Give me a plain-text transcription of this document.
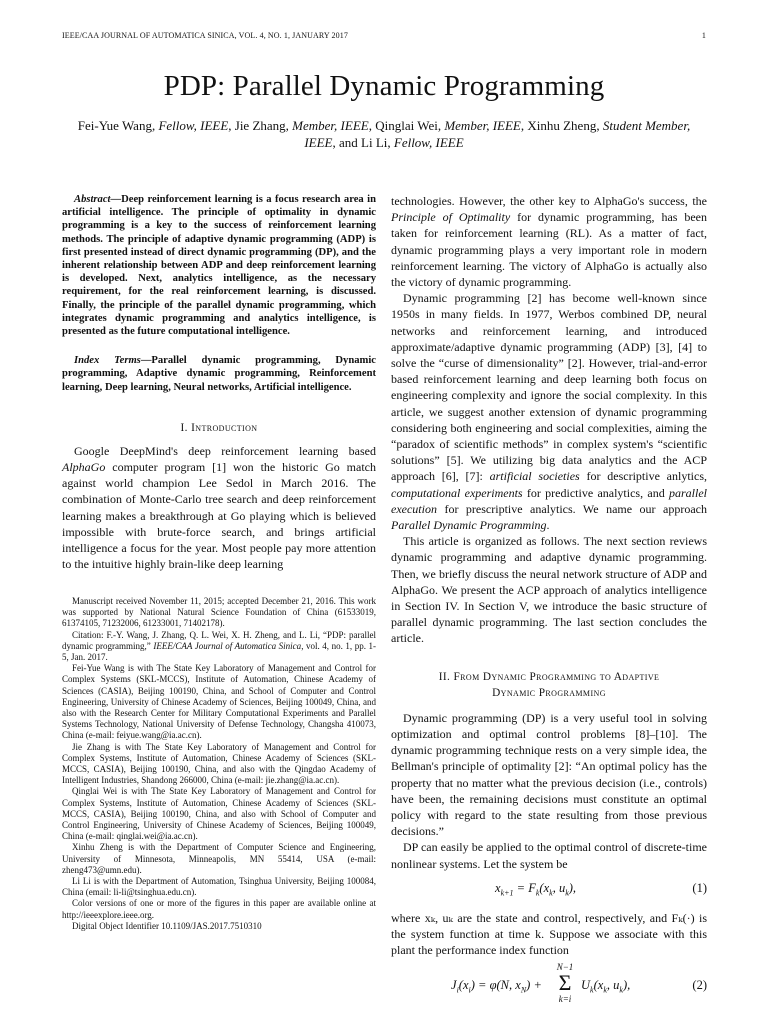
IEEE/CAA JOURNAL OF AUTOMATICA SINICA, VOL. 4, NO. 1, JANUARY 2017	1
PDP: Parallel Dynamic Programming
Fei-Yue Wang, Fellow, IEEE, Jie Zhang, Member, IEEE, Qinglai Wei, Member, IEEE, Xinhu Zheng, Student Member, IEEE, and Li Li, Fellow, IEEE

Abstract—Deep reinforcement learning is a focus research area in artificial intelligence. The principle of optimality in dynamic programming is a key to the success of reinforcement learning methods. The principle of adaptive dynamic programming (ADP) is first presented instead of direct dynamic programming (DP), and the inherent relationship between ADP and deep reinforcement learning is developed. Next, analytics intelligence, as the necessary requirement, for the real reinforcement learning, is discussed. Finally, the principle of the parallel dynamic programming, which integrates dynamic programming and analytics intelligence, is presented as the future computational intelligence.

Index Terms—Parallel dynamic programming, Dynamic programming, Adaptive dynamic programming, Reinforcement learning, Deep learning, Neural networks, Artificial intelligence.

I. Introduction

Google DeepMind's deep reinforcement learning based AlphaGo computer program [1] won the historic Go match against world champion Lee Sedol in March 2016. The combination of Monte-Carlo tree search and deep reinforcement learning makes a breakthrough at Go playing which is believed impossible with brute-force search, and brings artificial intelligence a focus for the year. Most people pay more attention to the intuitive highly brain-like deep learning

Manuscript received November 11, 2015; accepted December 21, 2016. This work was supported by National Natural Science Foundation of China (61533019, 61374105, 71232006, 61233001, 71402178).

Citation: F.-Y. Wang, J. Zhang, Q. L. Wei, X. H. Zheng, and L. Li, “PDP: parallel dynamic programming,” IEEE/CAA Journal of Automatica Sinica, vol. 4, no. 1, pp. 1-5, Jan. 2017.

Fei-Yue Wang is with The State Key Laboratory of Management and Control for Complex Systems (SKL-MCCS), Institute of Automation, Chinese Academy of Sciences (CASIA), Beijing 100190, China, and School of Computer and Control Engineering, University of Chinese Academy of Sciences, Beijing 100049, China, and also with the Research Center for Military Computational Experiments and Parallel Systems Technology, National University of Defense Technology, Changsha 410073, China (e-mail: feiyue.wang@ia.ac.cn).

Jie Zhang is with The State Key Laboratory of Management and Control for Complex Systems, Institute of Automation, Chinese Academy of Sciences (SKL-MCCS, CASIA), Beijing 100190, China, and also with the Qingdao Academy of Intelligent Industries, Shandong 266000, China (e-mail: jie.zhang@ia.ac.cn).

Qinglai Wei is with The State Key Laboratory of Management and Control for Complex Systems, Institute of Automation, Chinese Academy of Sciences (SKL-MCCS, CASIA), Beijing 100190, China, and also with School of Computer and Control Engineering, University of Chinese Academy of Sciences, Beijing 100049, China (e-mail: qinglai.wei@ia.ac.cn).

Xinhu Zheng is with the Department of Computer Science and Engineering, University of Minnesota, Minneapolis, MN 55414, USA (e-mail: zheng473@umn.edu).

Li Li is with the Department of Automation, Tsinghua University, Beijing 100084, China (email: li-li@tsinghua.edu.cn).

Color versions of one or more of the figures in this paper are available online at http://ieeexplore.ieee.org.

Digital Object Identifier 10.1109/JAS.2017.7510310

technologies. However, the other key to AlphaGo's success, the Principle of Optimality for dynamic programming, has been taken for reinforcement learning (RL). As a matter of fact, dynamic programming plays a very important role in modern reinforcement learning. The victory of AlphaGo is actually also the victory of dynamic programming.

Dynamic programming [2] has become well-known since 1950s in many fields. In 1977, Werbos combined DP, neural networks and reinforcement learning, and introduced approximate/adaptive dynamic programming (ADP) [3], [4] to solve the “curse of dimensionality” [2]. However, trial-and-error based reinforcement learning and deep learning both focus on engineering complexity and ignore the social complexity. In this article, we suggest another extension of dynamic programming considering both engineering and social complexities, aiming the “paradox of scientific methods” in complex system's “scientific solutions” [5]. We utilizing big data analytics and the ACP approach [6], [7]: artificial societies for descriptive anlytics, computational experiments for predictive analytics, and parallel execution for prescriptive analytics. We name our approach Parallel Dynamic Programming.

This article is organized as follows. The next section reviews dynamic programming and adaptive dynamic programming. Then, we briefly discuss the neural network structure of ADP and AlphaGo. We present the ACP approach of analytics intelligence in Section IV. In Section V, we introduce the basic structure of parallel dynamic programming. The last section concludes the article.

II. From Dynamic Programming to Adaptive
Dynamic Programming

Dynamic programming (DP) is a very useful tool in solving optimization and optimal control problems [8]–[10]. The dynamic programming technique rests on a very simple idea, the Bellman's principle of optimality [2]: “An optimal policy has the property that no matter what the previous decision (i.e., controls) have been, the remaining decisions must constitute an optimal policy with regard to the state resulting from those previous decisions.”

DP can easily be applied to the optimal control of discrete-time nonlinear systems. Let the system be

$x_{k+1} = F_k(x_k$, $u_k$),	(1)

where xₖ, uₖ are the state and control, respectively, and Fₖ(·) is the system function at time k. Suppose we associate with this plant the performance index function

$J_i(x_i) = \varphi(N$, $x_N$) +
N−1
Σ
k=i
$U_k(x_k$, $u_k$),	(2)
